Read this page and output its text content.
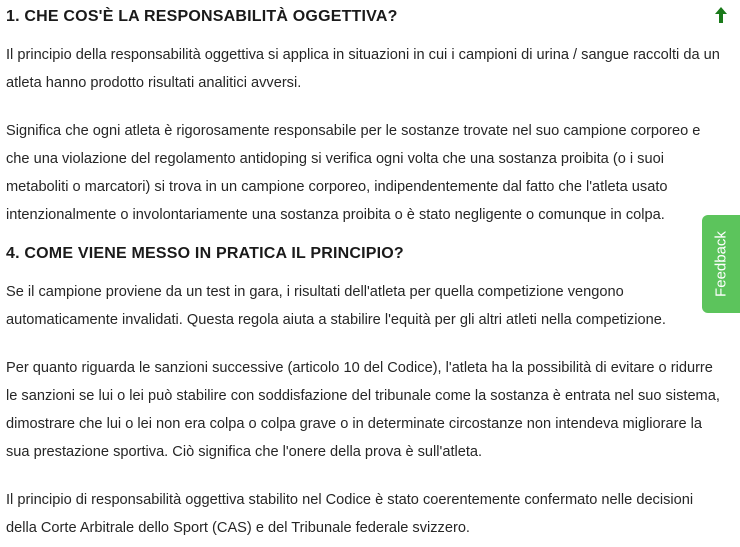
1. CHE COS'È LA RESPONSABILITÀ OGGETTIVA?

Il principio della responsabilità oggettiva si applica in situazioni in cui i campioni di urina / sangue raccolti da un atleta hanno prodotto risultati analitici avversi.

Significa che ogni atleta è rigorosamente responsabile per le sostanze trovate nel suo campione corporeo e che una violazione del regolamento antidoping si verifica ogni volta che una sostanza proibita (o i suoi metaboliti o marcatori) si trova in un campione corporeo, indipendentemente dal fatto che l'atleta usato intenzionalmente o involontariamente una sostanza proibita o è stato negligente o comunque in colpa.

4. COME VIENE MESSO IN PRATICA IL PRINCIPIO?

Se il campione proviene da un test in gara, i risultati dell'atleta per quella competizione vengono automaticamente invalidati. Questa regola aiuta a stabilire l'equità per gli altri atleti nella competizione.

Per quanto riguarda le sanzioni successive (articolo 10 del Codice), l'atleta ha la possibilità di evitare o ridurre le sanzioni se lui o lei può stabilire con soddisfazione del tribunale come la sostanza è entrata nel suo sistema, dimostrare che lui o lei non era colpa o colpa grave o in determinate circostanze non intendeva migliorare la sua prestazione sportiva. Ciò significa che l'onere della prova è sull'atleta.

Il principio di responsabilità oggettiva stabilito nel Codice è stato coerentemente confermato nelle decisioni della Corte Arbitrale dello Sport (CAS) e del Tribunale federale svizzero.

Feedback
